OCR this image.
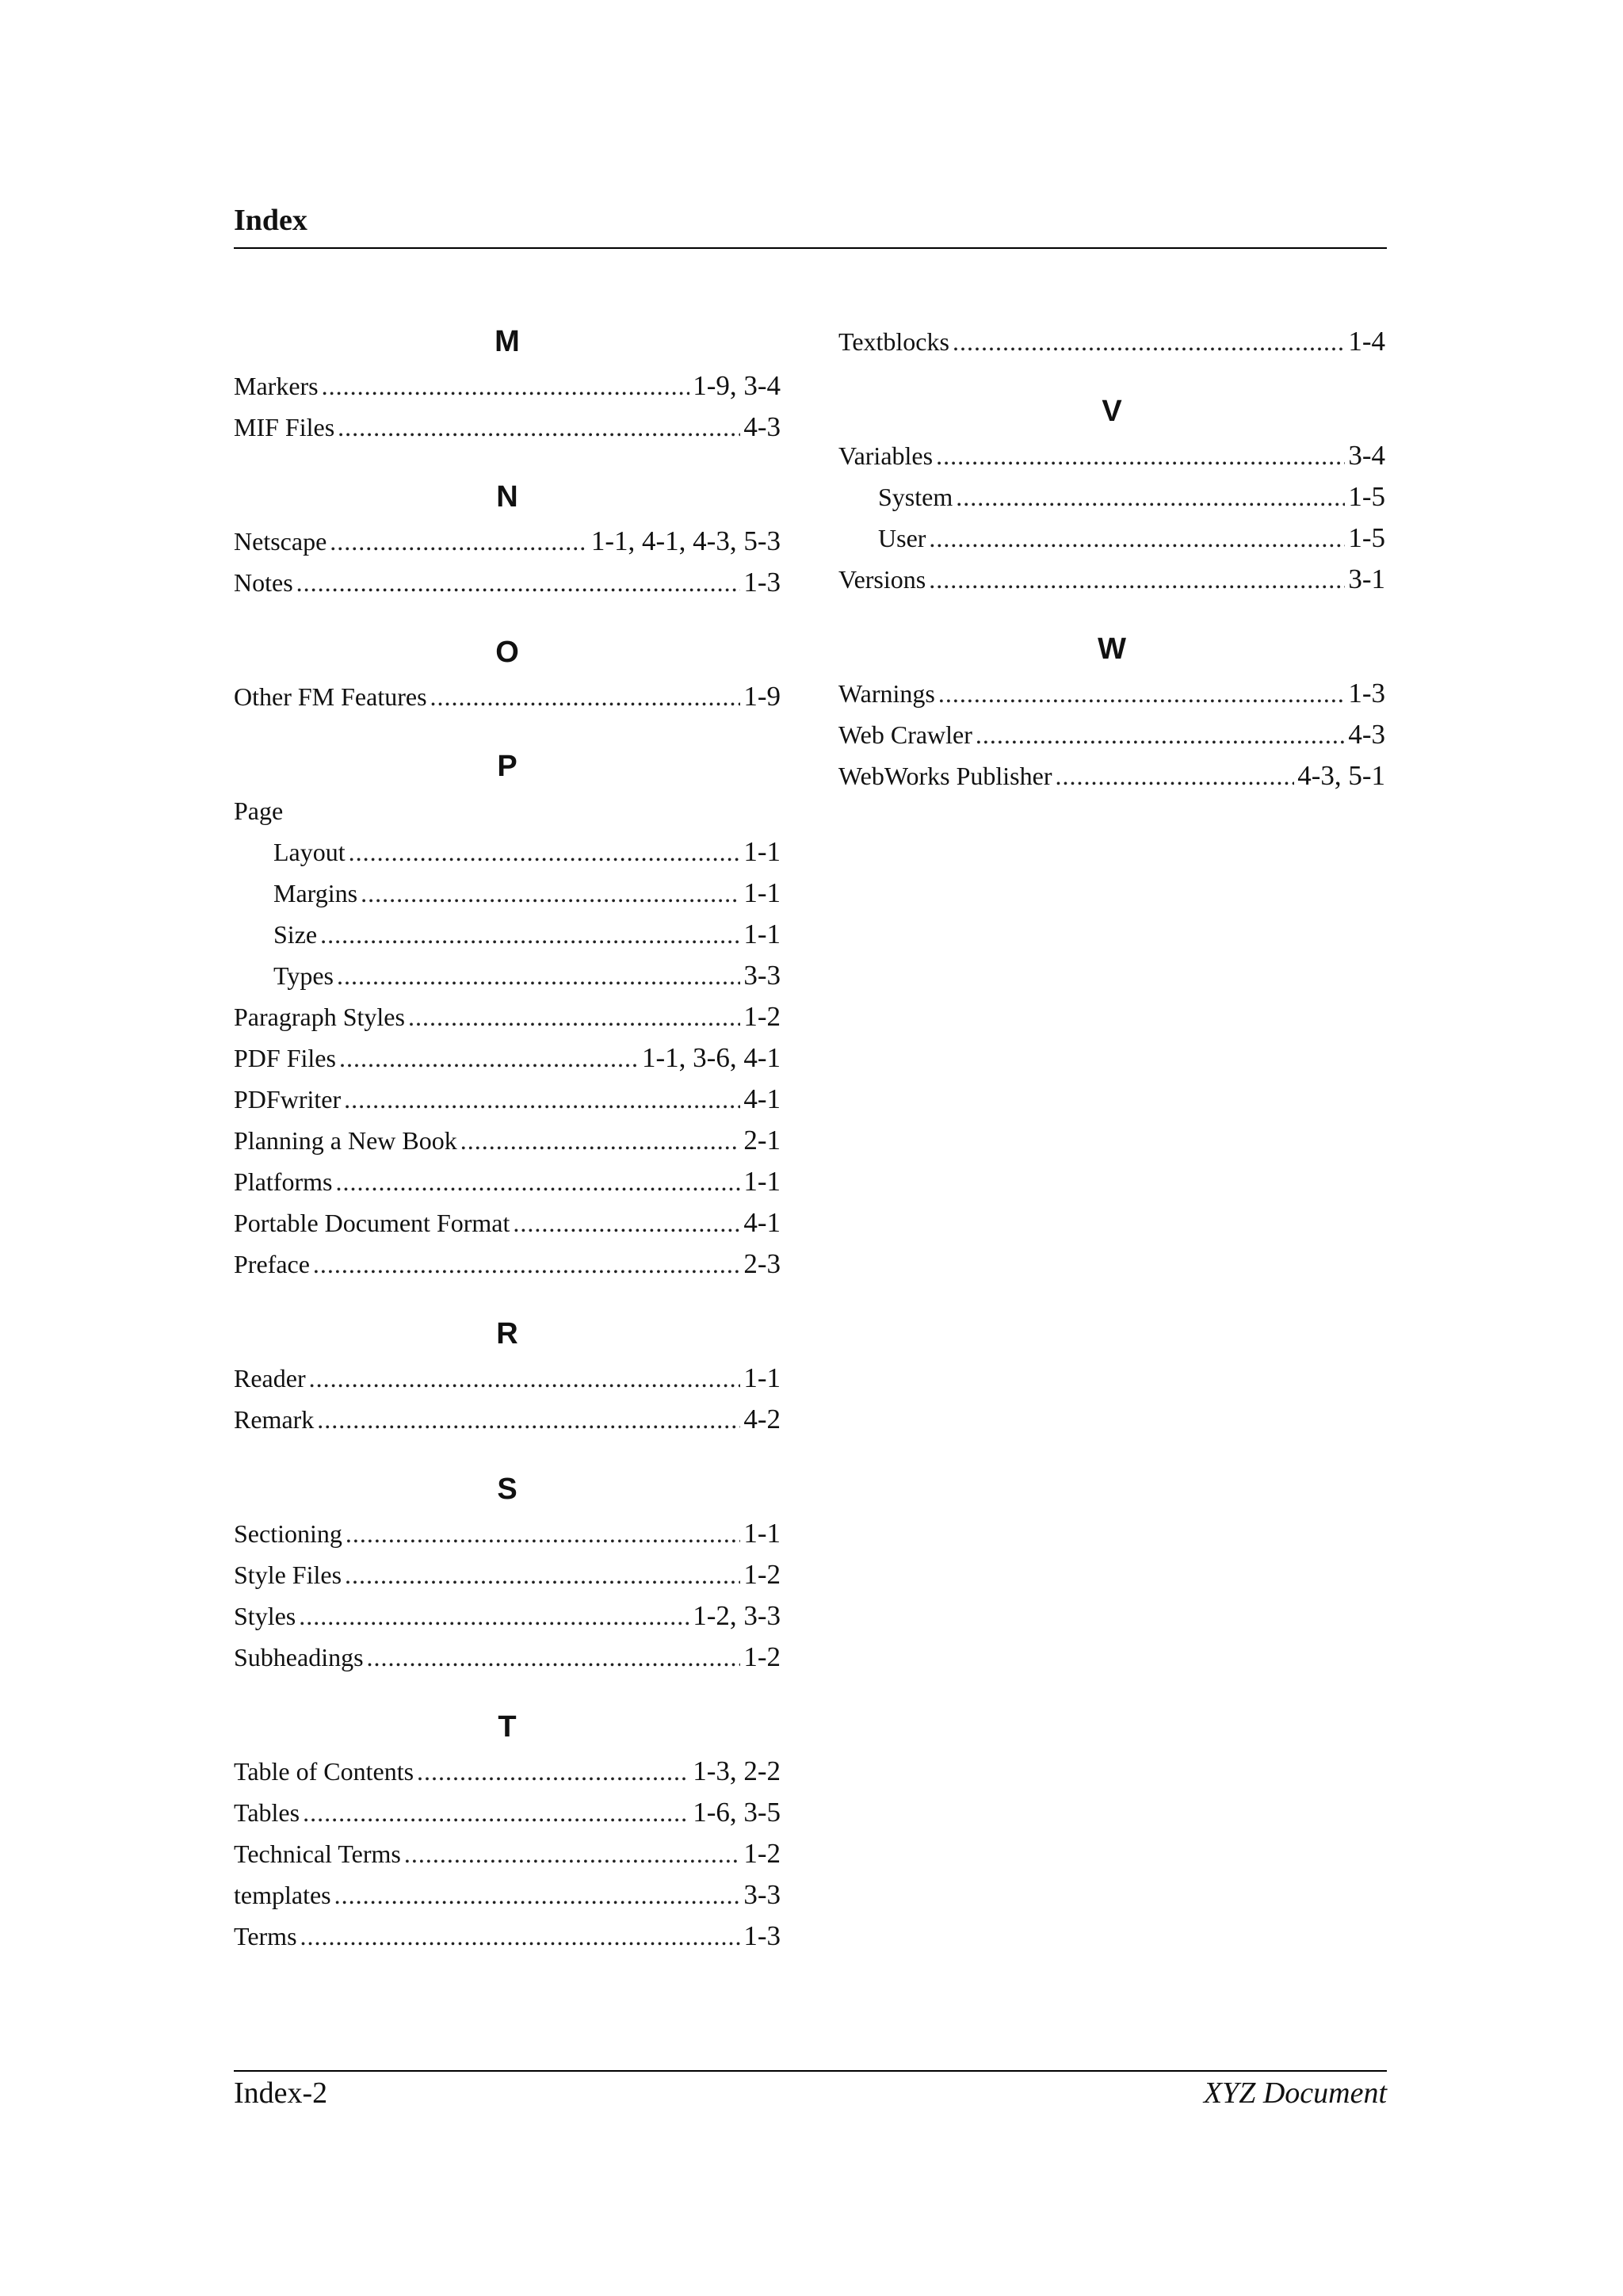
Index
M
Markers .....	1-9, 3-4
MIF Files .....	4-3
N
Netscape .....	1-1, 4-1, 4-3, 5-3
Notes .....	1-3
O
Other FM Features .....	1-9
P
Page
Layout .....	1-1
Margins .....	1-1
Size .....	1-1
Types .....	3-3
Paragraph Styles .....	1-2
PDF Files .....	1-1, 3-6, 4-1
PDFwriter .....	4-1
Planning a New Book .....	2-1
Platforms .....	1-1
Portable Document Format .....	4-1
Preface .....	2-3
R
Reader .....	1-1
Remark .....	4-2
S
Sectioning .....	1-1
Style Files .....	1-2
Styles .....	1-2, 3-3
Subheadings .....	1-2
T
Table of Contents .....	1-3, 2-2
Tables .....	1-6, 3-5
Technical Terms .....	1-2
templates .....	3-3
Terms .....	1-3
Textblocks .....	1-4
V
Variables .....	3-4
System .....	1-5
User .....	1-5
Versions .....	3-1
W
Warnings .....	1-3
Web Crawler .....	4-3
WebWorks Publisher .....	4-3, 5-1
Index-2	XYZ Document
